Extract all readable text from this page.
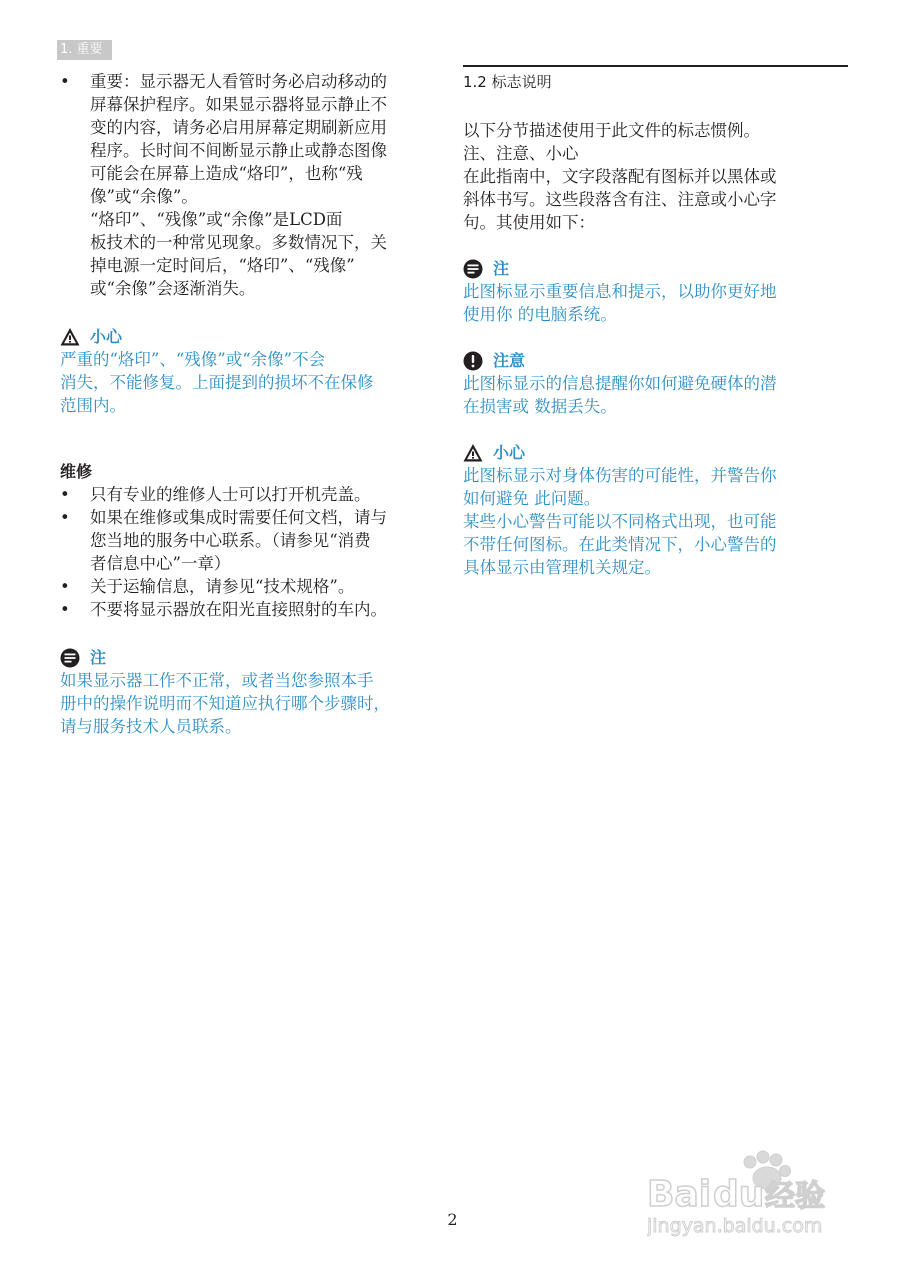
1. 重要
• 重要：显示器无人看管时务必启动移动的
屏幕保护程序。如果显示器将显示静止不
变的内容，请务必启用屏幕定期刷新应用
程序。长时间不间断显示静止或静态图像
可能会在屏幕上造成“烙印”，也称“残
像”或“余像”。
“烙印”、“残像”或“余像”是LCD面
板技术的一种常见现象。多数情况下，关
掉电源一定时间后，“烙印”、“残像”
或“余像”会逐渐消失。

小心

严重的“烙印”、“残像”或“余像”不会
消失，不能修复。上面提到的损坏不在保修
范围内。

维修

• 只有专业的维修人士可以打开机壳盖。
• 如果在维修或集成时需要任何文档，请与
您当地的服务中心联系。（请参见“消费
者信息中心”一章）
• 关于运输信息，请参见“技术规格”。
• 不要将显示器放在阳光直接照射的车内。

注

如果显示器工作不正常，或者当您参照本手
册中的操作说明而不知道应执行哪个步骤时，
请与服务技术人员联系。

1.2 标志说明

以下分节描述使用于此文件的标志惯例。
注、注意、小心
在此指南中，文字段落配有图标并以黑体或
斜体书写。这些段落含有注、注意或小心字
句。其使用如下：

注

此图标显示重要信息和提示，以助你更好地
使用你 的电脑系统。

注意

此图标显示的信息提醒你如何避免硬体的潜
在损害或 数据丢失。

小心

此图标显示对身体伤害的可能性，并警告你
如何避免 此问题。
某些小心警告可能以不同格式出现，也可能
不带任何图标。在此类情况下，小心警告的
具体显示由管理机关规定。
Bai du 经验
jingyan.baidu.com
2
